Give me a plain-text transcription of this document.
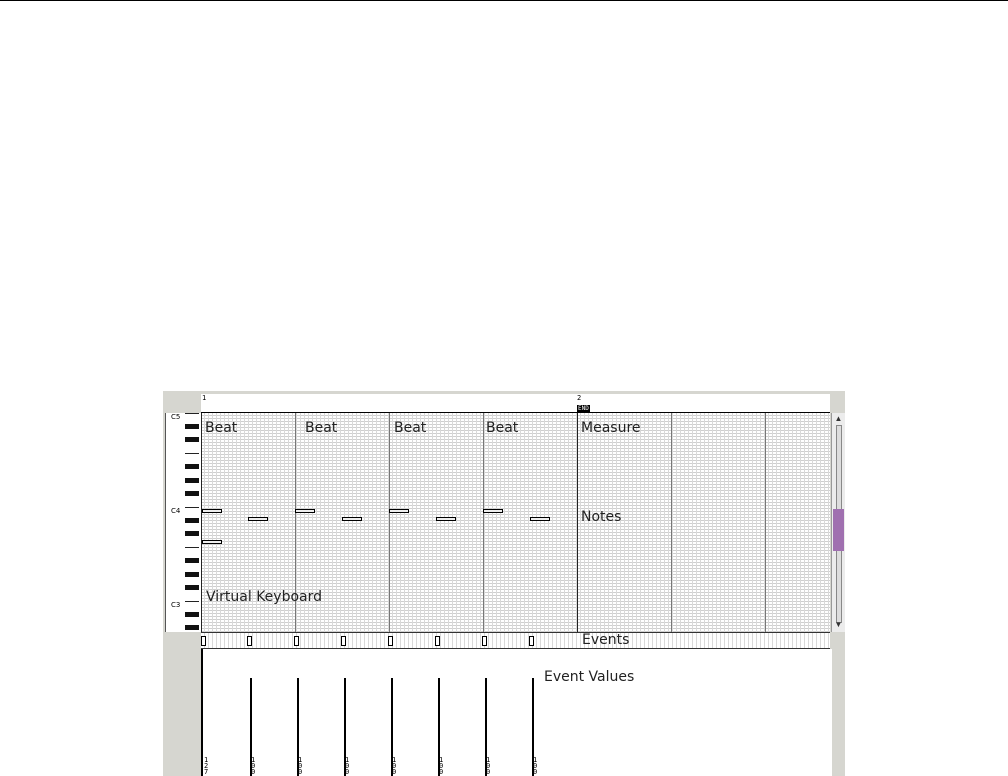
1	2
END
C5
C4
C3
Beat	Beat	Beat	Beat	Measure
Notes
Virtual Keyboard
▲
▼
Events
Event Values
127
100
100
100
100
100
100
100
